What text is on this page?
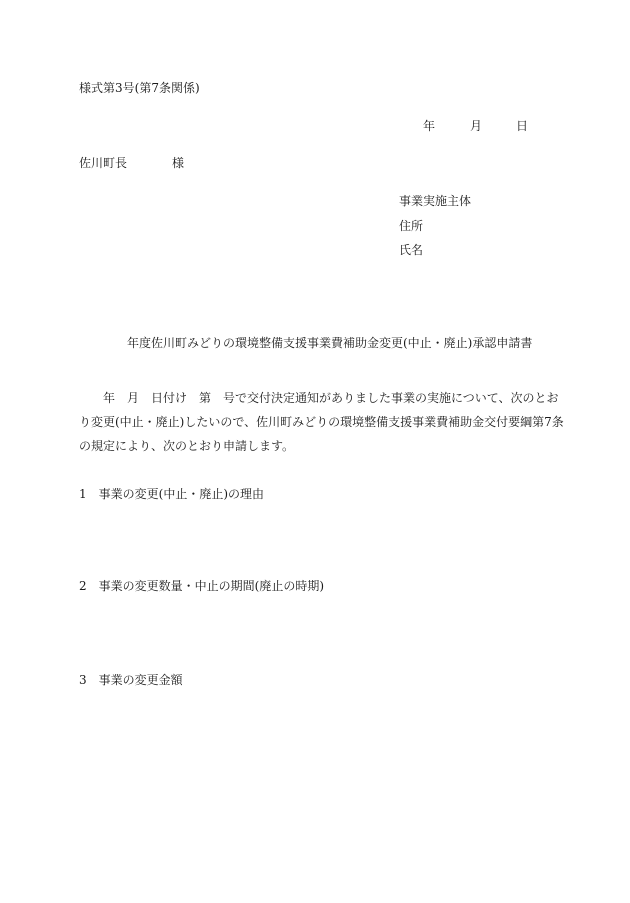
様式第3号(第7条関係)
年	月	日
佐川町長	様
事業実施主体
住所
氏名
年度佐川町みどりの環境整備支援事業費補助金変更(中止・廃止)承認申請書
　　年　月　日付け　第　号で交付決定通知がありました事業の実施について、次のとお
り変更(中止・廃止)したいので、佐川町みどりの環境整備支援事業費補助金交付要綱第7条
の規定により、次のとおり申請します。
1　事業の変更(中止・廃止)の理由
2　事業の変更数量・中止の期間(廃止の時期)
3　事業の変更金額
